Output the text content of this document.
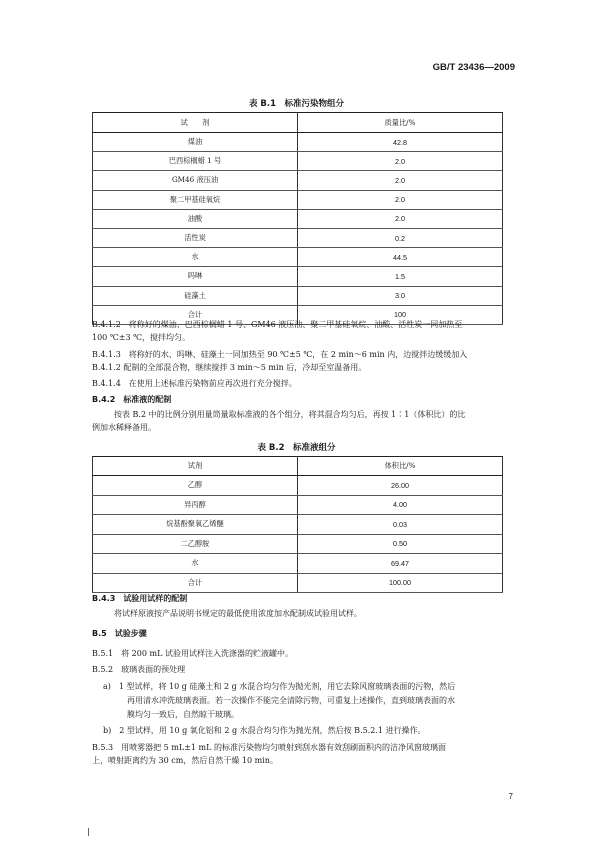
GB/T 23436—2009
表 B.1　标准污染物组分
试　　剂	质量比/%
煤油	42.8
巴西棕榈蜡 1 号	2.0
GM46 液压油	2.0
聚二甲基硅氧烷	2.0
油酸	2.0
活性炭	0.2
水	44.5
吗啉	1.5
硅藻土	3.0
合计	100
B.4.1.2　将称好的煤油、巴西棕榈蜡 1 号、GM46 液压油、聚二甲基硅氧烷、油酸、活性炭一同加热至
100 ℃±3 ℃，搅拌均匀。
B.4.1.3　将称好的水、吗啉、硅藻土一同加热至 90 ℃±5 ℃，在 2 min～6 min 内，边搅拌边缓缓加入
B.4.1.2 配制的全部混合物，继续搅拌 3 min～5 min 后，冷却至室温备用。
B.4.1.4　在使用上述标准污染物前应再次进行充分搅拌。
B.4.2　 标准液的配制
按表 B.2 中的比例分别用量筒量取标准液的各个组分，将其混合均匀后，再按 1∶1（体积比）的比
例加水稀释备用。
表 B.2　标准液组分
试剂	体积比/%
乙醇	26.00
异丙醇	4.00
烷基酚聚氧乙烯醚	0.03
二乙醇胺	0.50
水	69.47
合计	100.00
B.4.3　 试验用试样的配制
将试样原液按产品说明书规定的最低使用浓度加水配制成试验用试样。
B.5　 试验步骤
B.5.1　将 200 mL 试验用试样注入洗涤器的贮液罐中。
B.5.2　玻璃表面的预处理
a)　1 型试样，将 10 g 硅藻土和 2 g 水混合均匀作为抛光剂，用它去除风窗玻璃表面的污物，然后
再用清水冲洗玻璃表面。若一次操作不能完全清除污物，可重复上述操作，直到玻璃表面的水
膜均匀一致后，自然晾干玻璃。
b)　2 型试样，用 10 g 氧化铝和 2 g 水混合均匀作为抛光剂，然后按 B.5.2.1 进行操作。
B.5.3　用喷雾器把 5 mL±1 mL 的标准污染物均匀喷射到刮水器有效刮刷面积内的洁净风窗玻璃面
上，喷射距离约为 30 cm，然后自然干燥 10 min。
7
